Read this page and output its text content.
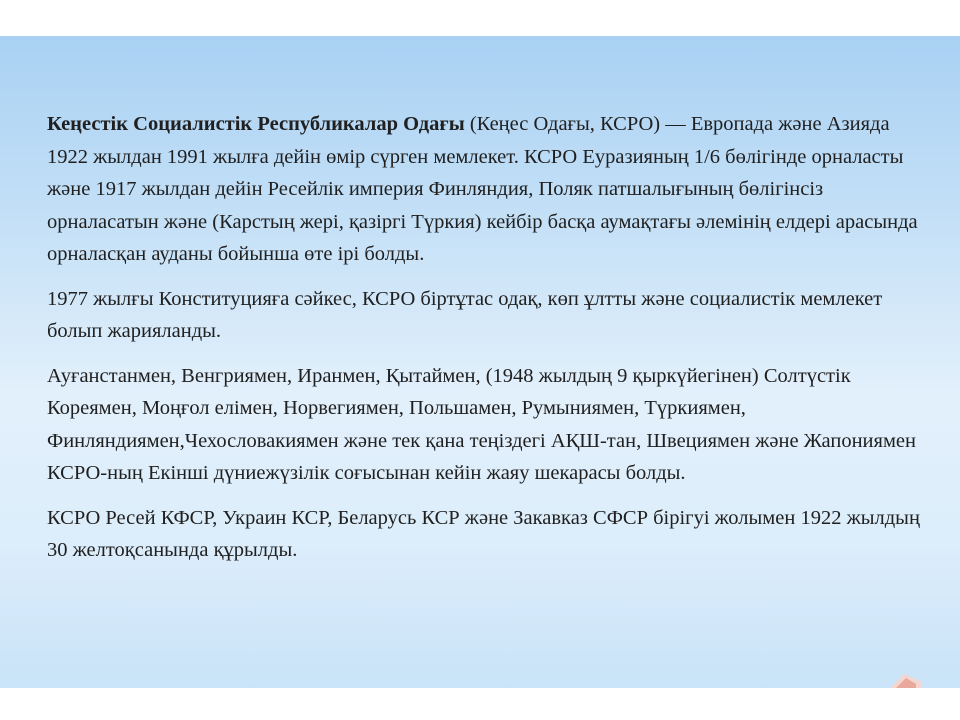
Кеңестік Социалистік Республикалар Одағы (Кеңес Одағы, КСРО) — Европада және Азияда 1922 жылдан 1991 жылға дейін өмір сүрген мемлекет. КСРО Еуразияның 1/6 бөлігінде орналасты және 1917 жылдан дейін Ресейлік империя Финляндия, Поляк патшалығының бөлігінсіз орналасатын және (Карстың жері, қазіргі Түркия) кейбір басқа аумақтағы әлемінің елдері арасында орналасқан ауданы бойынша өте ірі болды.

1977 жылғы Конституцияға сәйкес, КСРО біртұтас одақ, көп ұлтты және социалистік мемлекет болып жарияланды.

Ауғанстанмен, Венгриямен, Иранмен, Қытаймен, (1948 жылдың 9 қыркүйегінен) Солтүстік Кореямен, Моңғол елімен, Норвегиямен, Польшамен, Румыниямен, Түркиямен, Финляндиямен,Чехословакиямен және тек қана теңіздегі АҚШ-тан, Швециямен және Жапониямен КСРО-ның Екінші дүниежүзілік соғысынан кейін жаяу шекарасы болды.

КСРО Ресей КФСР, Украин КСР, Беларусь КСР және Закавказ СФСР бірігуі жолымен 1922 жылдың 30 желтоқсанында құрылды.
